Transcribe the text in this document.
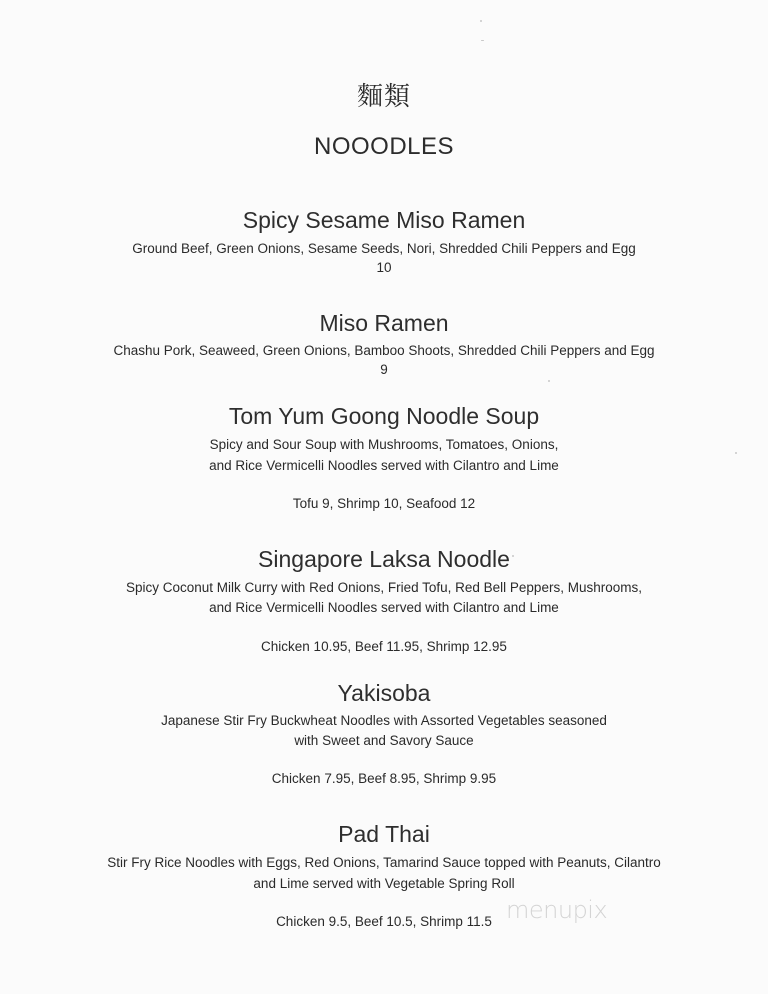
麵類
NOOODLES
Spicy Sesame Miso Ramen
Ground Beef, Green Onions, Sesame Seeds, Nori, Shredded Chili Peppers and Egg
10
Miso Ramen
Chashu Pork, Seaweed, Green Onions, Bamboo Shoots, Shredded Chili Peppers and Egg
9
Tom Yum Goong Noodle Soup
Spicy and Sour Soup with Mushrooms, Tomatoes, Onions,
and Rice Vermicelli Noodles served with Cilantro and Lime
Tofu 9, Shrimp 10, Seafood 12
Singapore Laksa Noodle
Spicy Coconut Milk Curry with Red Onions, Fried Tofu, Red Bell Peppers, Mushrooms,
and Rice Vermicelli Noodles served with Cilantro and Lime
Chicken 10.95, Beef 11.95, Shrimp 12.95
Yakisoba
Japanese Stir Fry Buckwheat Noodles with Assorted Vegetables seasoned
with Sweet and Savory Sauce
Chicken 7.95, Beef 8.95, Shrimp 9.95
Pad Thai
Stir Fry Rice Noodles with Eggs, Red Onions, Tamarind Sauce topped with Peanuts, Cilantro
and Lime served with Vegetable Spring Roll
Chicken 9.5, Beef 10.5, Shrimp 11.5 menupix
